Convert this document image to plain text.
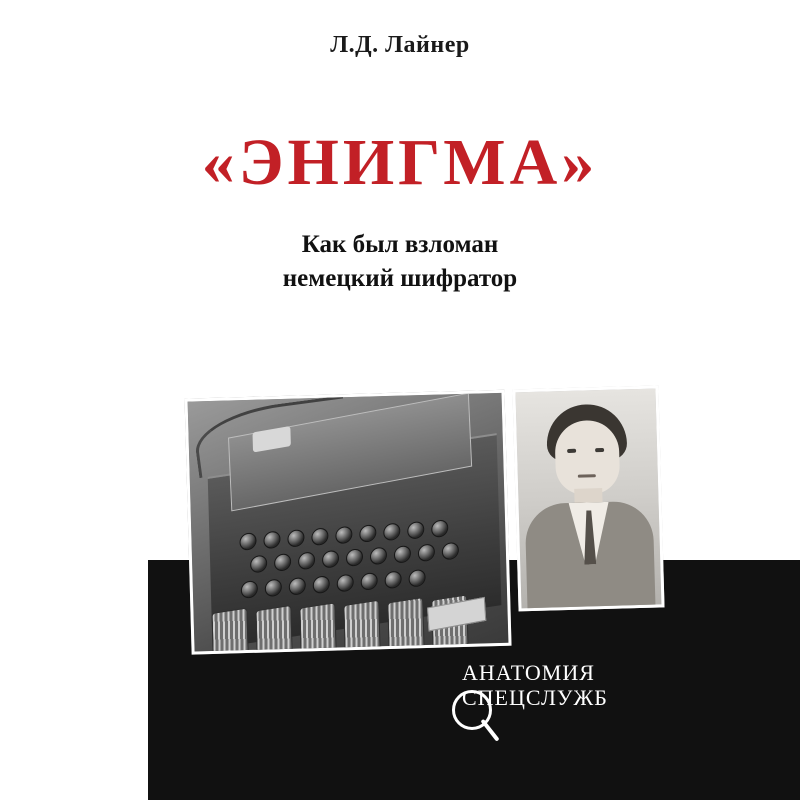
Л.Д. Лайнер
«ЭНИГМА»
Как был взломан
немецкий шифратор
АНАТОМИЯ
СПЕЦСЛУЖБ
